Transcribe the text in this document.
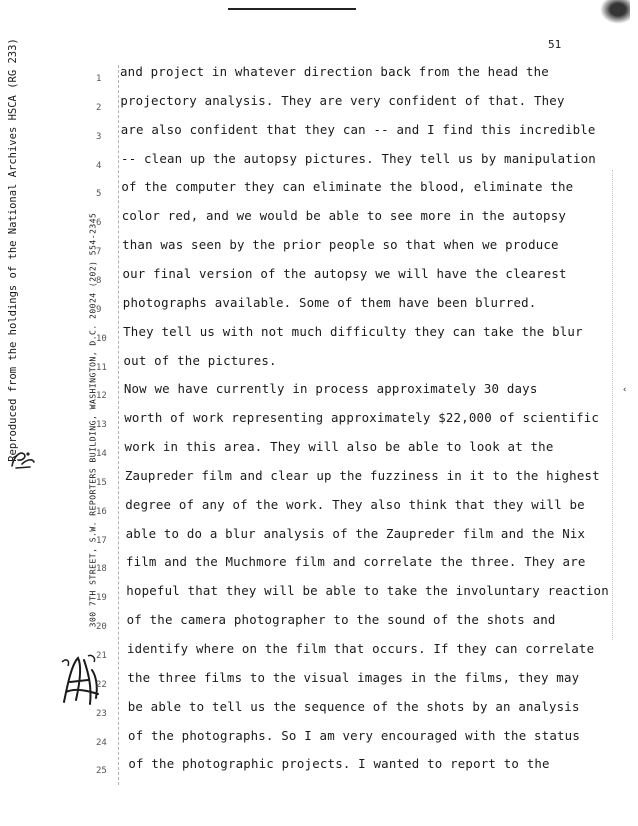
51
Reproduced from the holdings of the National Archives HSCA (RG 233)	300 7TH STREET, S.W. REPORTERS BUILDING, WASHINGTON, D.C. 20024 (202) 554-2345	‹
1
2
3
4
5
6
7
8
9
10
11
12
13
14
15
16
17
18
19
20
21
22
23
24
25
and project in whatever direction back from the head the
projectory analysis. They are very confident of that. They
are also confident that they can -- and I find this incredible
-- clean up the autopsy pictures. They tell us by manipulation
of the computer they can eliminate the blood, eliminate the
color red, and we would be able to see more in the autopsy
than was seen by the prior people so that when we produce
our final version of the autopsy we will have the clearest
photographs available. Some of them have been blurred.
They tell us with not much difficulty they can take the blur
out of the pictures.
Now we have currently in process approximately 30 days
worth of work representing approximately $22,000 of scientific
work in this area. They will also be able to look at the
Zaupreder film and clear up the fuzziness in it to the highest
degree of any of the work. They also think that they will be
able to do a blur analysis of the Zaupreder film and the Nix
film and the Muchmore film and correlate the three. They are
hopeful that they will be able to take the involuntary reaction
of the camera photographer to the sound of the shots and
identify where on the film that occurs. If they can correlate
the three films to the visual images in the films, they may
be able to tell us the sequence of the shots by an analysis
of the photographs. So I am very encouraged with the status
of the photographic projects. I wanted to report to the
